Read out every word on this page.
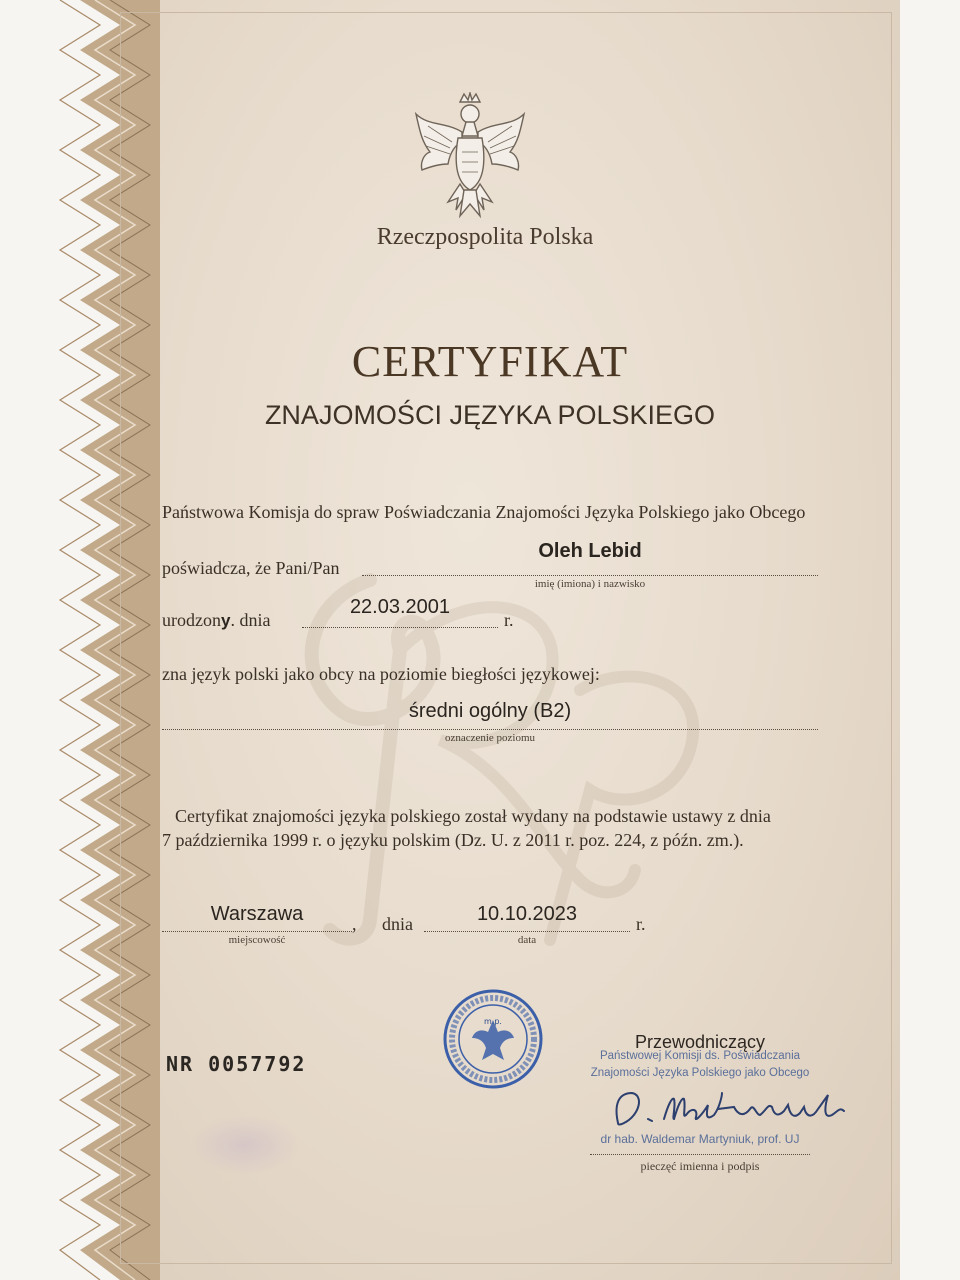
Rzeczpospolita Polska
CERTYFIKAT
ZNAJOMOŚCI JĘZYKA POLSKIEGO
Państwowa Komisja do spraw Poświadczania Znajomości Języka Polskiego jako Obcego
poświadcza, że Pani/Pan
Oleh Lebid
imię (imiona) i nazwisko
urodzony. dnia
22.03.2001
r.
zna język polski jako obcy na poziomie biegłości językowej:
średni ogólny (B2)
oznaczenie poziomu
Certyfikat znajomości języka polskiego został wydany na podstawie ustawy z dnia
7 października 1999 r. o języku polskim (Dz. U. z 2011 r. poz. 224, z późn. zm.).
Warszawa	,
miejscowość
dnia	10.10.2023
data
r.
m.p.
NR 0057792
Przewodniczący
Państwowej Komisji ds. Poświadczania
Znajomości Języka Polskiego jako Obcego
dr hab. Waldemar Martyniuk, prof. UJ
pieczęć imienna i podpis
